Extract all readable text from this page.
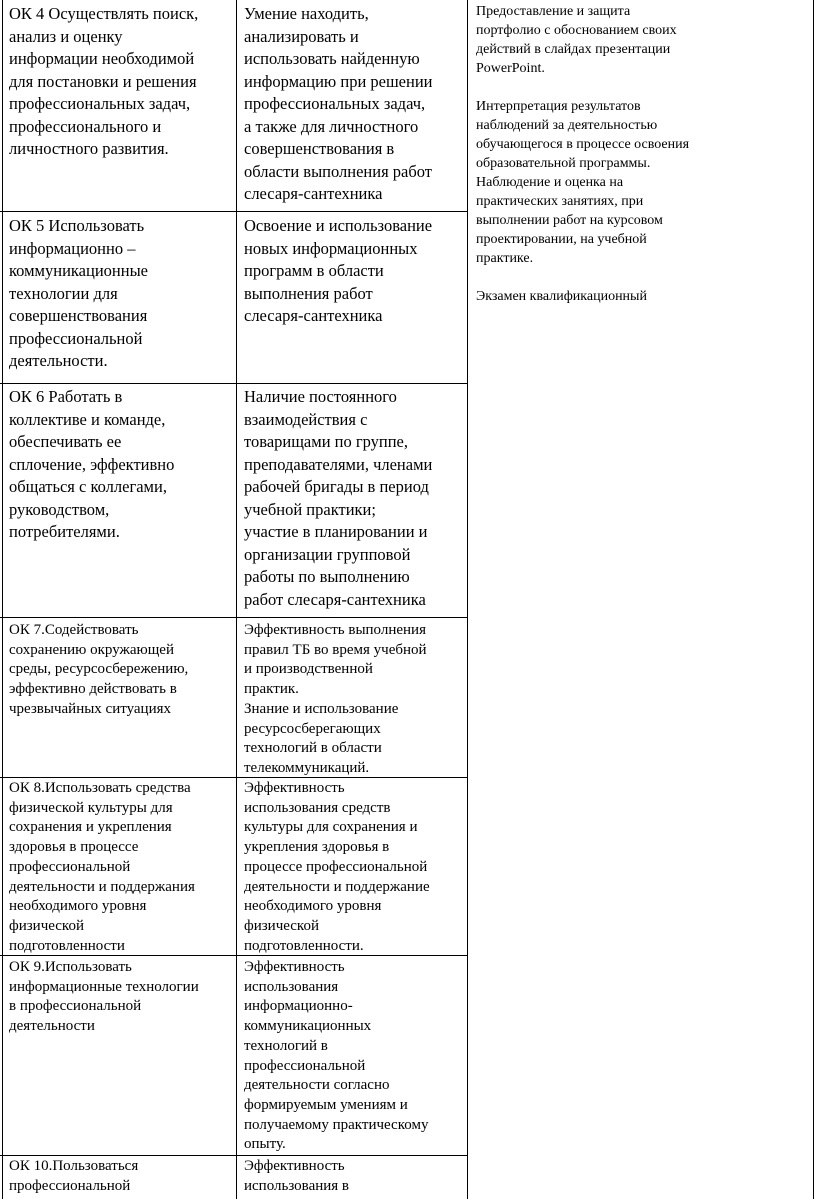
ОК 4 Осуществлять поиск,
анализ и оценку
информации необходимой
для постановки и решения
профессиональных задач,
профессионального и
личностного развития.
Умение находить,
анализировать и
использовать найденную
информацию при решении
профессиональных задач,
а также для личностного
совершенствования в
области выполнения работ
слесаря-сантехника
ОК 5 Использовать
информационно –
коммуникационные
технологии для
совершенствования
профессиональной
деятельности.
Освоение и использование
новых информационных
программ в области
выполнения работ
слесаря-сантехника
ОК 6 Работать в
коллективе и команде,
обеспечивать ее
сплочение, эффективно
общаться с коллегами,
руководством,
потребителями.
Наличие постоянного
взаимодействия с
товарищами по группе,
преподавателями, членами
рабочей бригады в период
учебной практики;
участие в планировании и
организации групповой
работы по выполнению
работ слесаря-сантехника
ОК 7.Содействовать
сохранению окружающей
среды, ресурсосбережению,
эффективно действовать в
чрезвычайных ситуациях
Эффективность выполнения
правил ТБ во время учебной
и производственной
практик.
Знание и использование
ресурсосберегающих
технологий в области
телекоммуникаций.
ОК 8.Использовать средства
физической культуры для
сохранения и укрепления
здоровья в процессе
профессиональной
деятельности и поддержания
необходимого уровня
физической
подготовленности
Эффективность
использования средств
культуры для сохранения и
укрепления здоровья в
процессе профессиональной
деятельности и поддержание
необходимого уровня
физической
подготовленности.
ОК 9.Использовать
информационные технологии
в профессиональной
деятельности
Эффективность
использования
информационно-
коммуникационных
технологий в
профессиональной
деятельности согласно
формируемым умениям и
получаемому практическому
опыту.
ОК 10.Пользоваться
профессиональной
Эффективность
использования в
Предоставление и защита
портфолио с обоснованием своих
действий в слайдах презентации
PowerPoint.

Интерпретация результатов
наблюдений за деятельностью
обучающегося в процессе освоения
образовательной программы.
Наблюдение и оценка на
практических занятиях, при
выполнении работ на курсовом
проектировании, на учебной
практике.

Экзамен квалификационный
